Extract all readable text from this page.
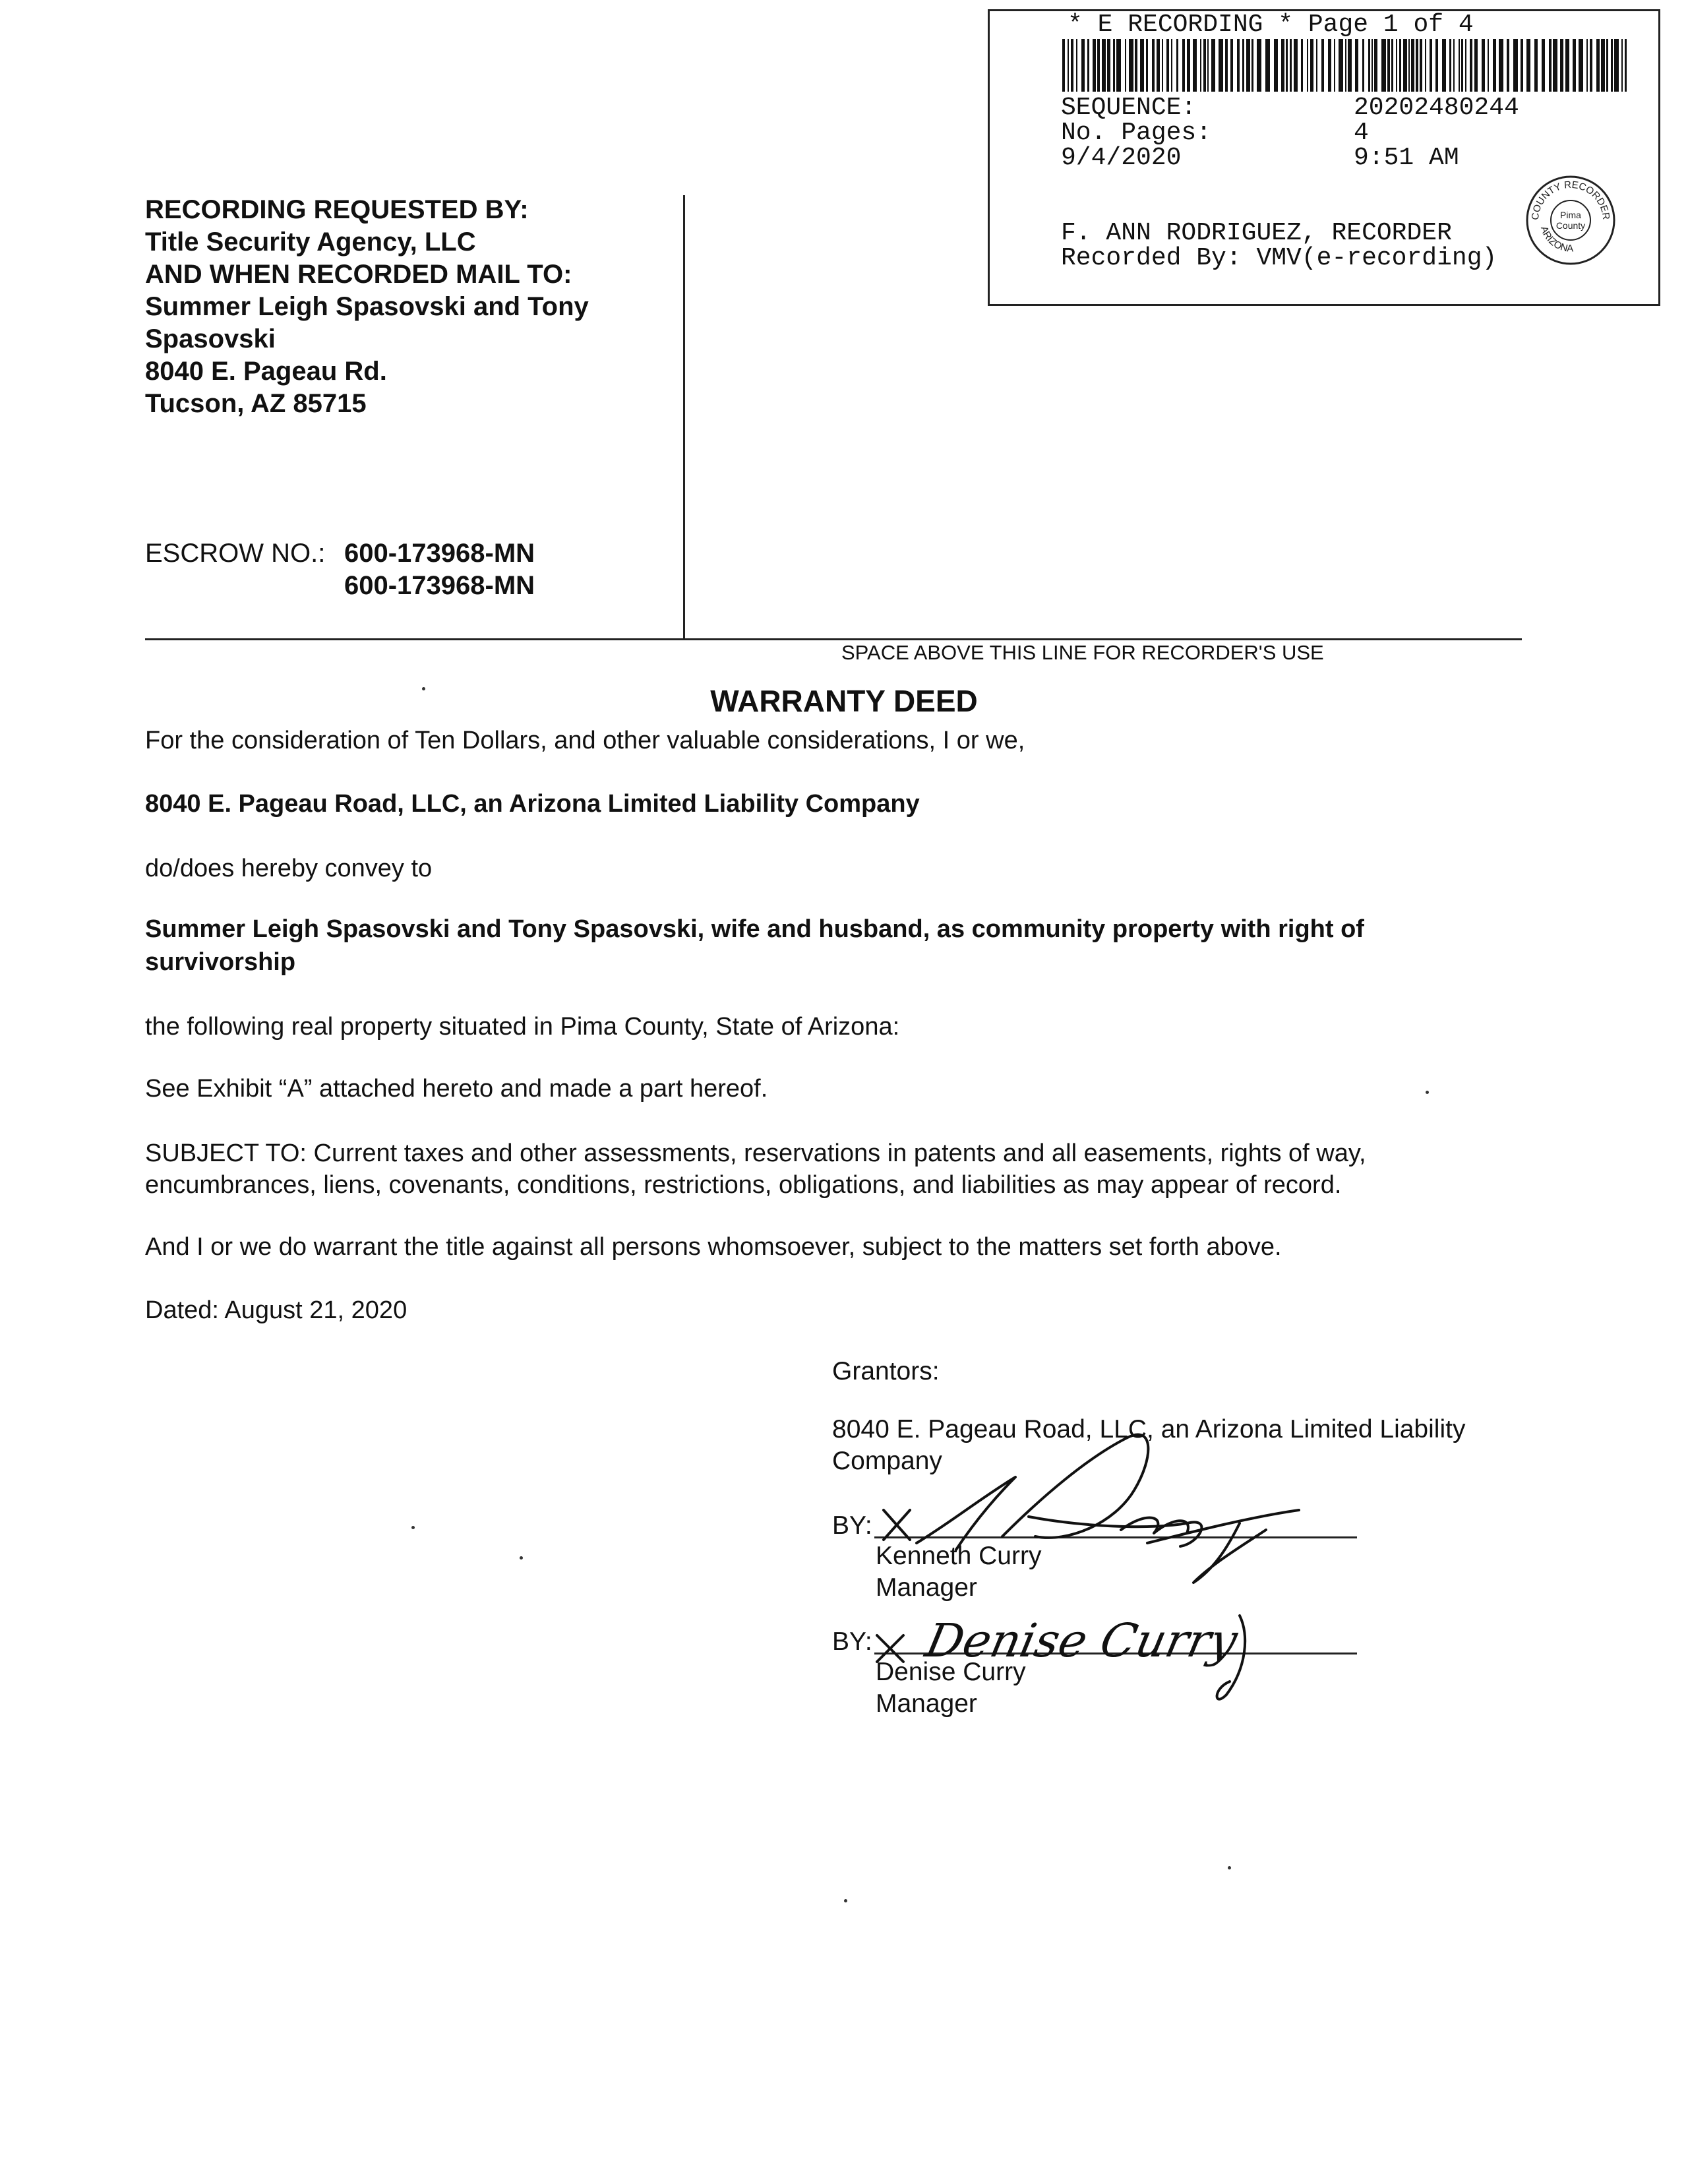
* E RECORDING * Page 1 of 4
SEQUENCE:	20202480244
No. Pages:	4
9/4/2020	9:51 AM
F. ANN RODRIGUEZ, RECORDER
Recorded By: VMV(e-recording)
COUNTY RECORDER
ARIZONA
Pima
County
RECORDING REQUESTED BY:
Title Security Agency, LLC
AND WHEN RECORDED MAIL TO:
Summer Leigh Spasovski and Tony
Spasovski
8040 E. Pageau Rd.
Tucson, AZ 85715
ESCROW NO.: 600-173968-MN
600-173968-MN
SPACE ABOVE THIS LINE FOR RECORDER'S USE
WARRANTY DEED
For the consideration of Ten Dollars, and other valuable considerations, I or we,
8040 E. Pageau Road, LLC, an Arizona Limited Liability Company
do/does hereby convey to
Summer Leigh Spasovski and Tony Spasovski, wife and husband, as community property with right of
survivorship
the following real property situated in Pima County, State of Arizona:
See Exhibit “A” attached hereto and made a part hereof.
SUBJECT TO: Current taxes and other assessments, reservations in patents and all easements, rights of way,
encumbrances, liens, covenants, conditions, restrictions, obligations, and liabilities as may appear of record.
And I or we do warrant the title against all persons whomsoever, subject to the matters set forth above.
Dated: August 21, 2020
Grantors:
8040 E. Pageau Road, LLC, an Arizona Limited Liability
Company
BY:
Kenneth Curry
Manager
BY:
Denise Curry
Manager
Denise Curry
